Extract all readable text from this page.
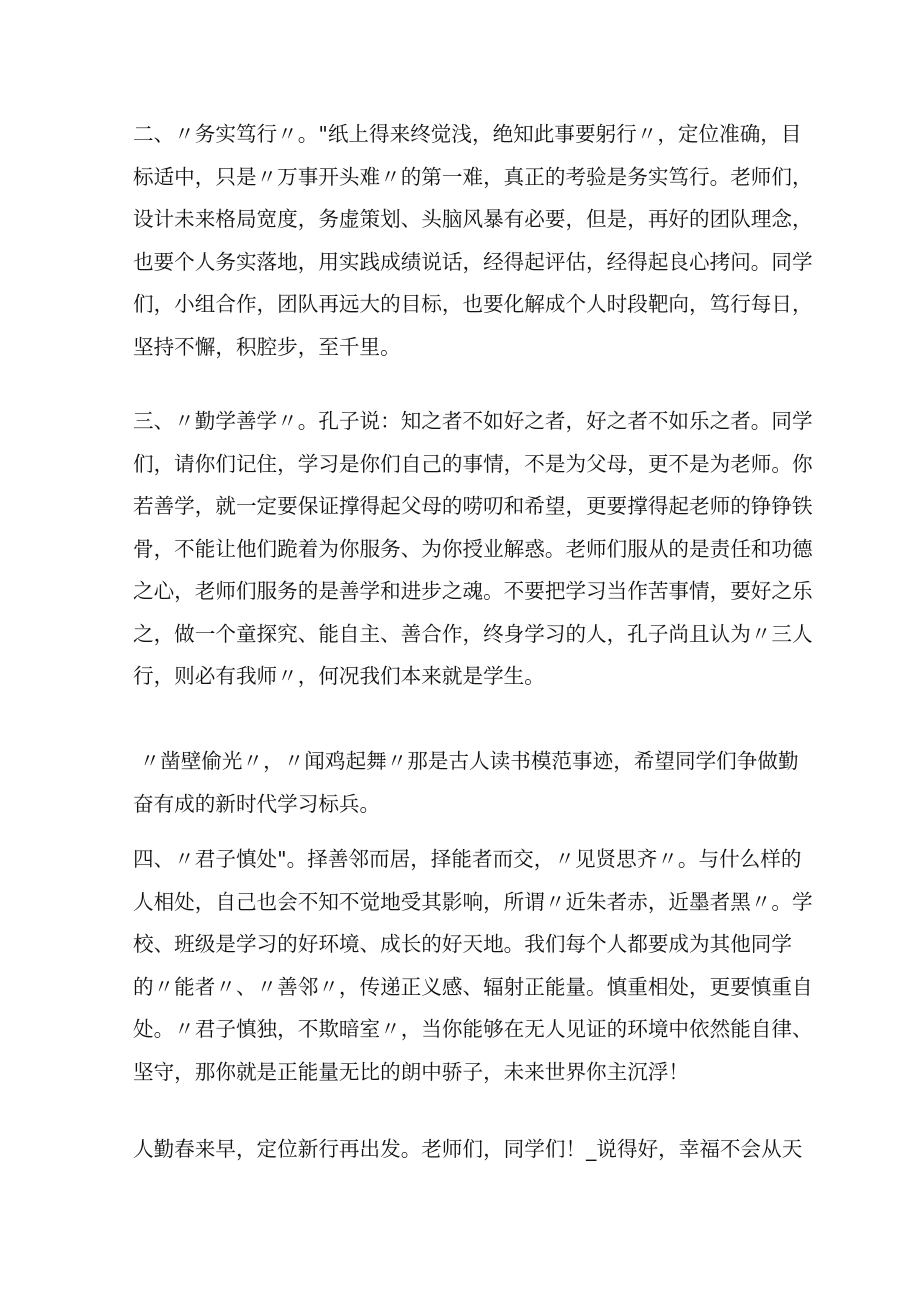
二、〃务实笃行〃。"纸上得来终觉浅，绝知此事要躬行〃，定位准确，目
标适中，只是〃万事开头难〃的第一难，真正的考验是务实笃行。老师们，
设计未来格局宽度，务虚策划、头脑风暴有必要，但是，再好的团队理念，
也要个人务实落地，用实践成绩说话，经得起评估，经得起良心拷问。同学
们，小组合作，团队再远大的目标，也要化解成个人时段靶向，笃行每日，
坚持不懈，积腔步，至千里。
三、〃勤学善学〃。孔子说：知之者不如好之者，好之者不如乐之者。同学
们，请你们记住，学习是你们自己的事情，不是为父母，更不是为老师。你
若善学，就一定要保证撑得起父母的唠叨和希望，更要撑得起老师的铮铮铁
骨，不能让他们跪着为你服务、为你授业解惑。老师们服从的是责任和功德
之心，老师们服务的是善学和进步之魂。不要把学习当作苦事情，要好之乐
之，做一个童探究、能自主、善合作，终身学习的人，孔子尚且认为〃三人
行，则必有我师〃，何况我们本来就是学生。
〃凿壁偷光〃，〃闻鸡起舞〃那是古人读书模范事迹，希望同学们争做勤
奋有成的新时代学习标兵。
四、〃君子慎处"。择善邻而居，择能者而交，〃见贤思齐〃。与什么样的
人相处，自己也会不知不觉地受其影响，所谓〃近朱者赤，近墨者黑〃。学
校、班级是学习的好环境、成长的好天地。我们每个人都要成为其他同学
的〃能者〃、〃善邻〃，传递正义感、辐射正能量。慎重相处，更要慎重自
处。〃君子慎独，不欺暗室〃，当你能够在无人见证的环境中依然能自律、
坚守，那你就是正能量无比的朗中骄子，未来世界你主沉浮！
人勤春来早，定位新行再出发。老师们，同学们！_说得好，幸福不会从天
